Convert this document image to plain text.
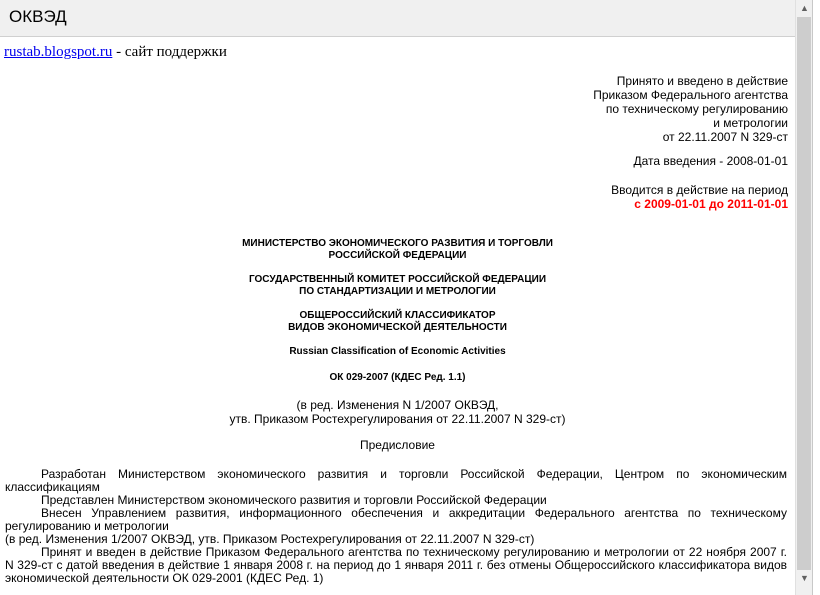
ОКВЭД
rustab.blogspot.ru - сайт поддержки
Принято и введено в действие
Приказом Федерального агентства
по техническому регулированию
и метрологии
от 22.11.2007 N 329-ст
Дата введения - 2008-01-01
Вводится в действие на период
с 2009-01-01 до 2011-01-01
МИНИСТЕРСТВО ЭКОНОМИЧЕСКОГО РАЗВИТИЯ И ТОРГОВЛИ
РОССИЙСКОЙ ФЕДЕРАЦИИ
ГОСУДАРСТВЕННЫЙ КОМИТЕТ РОССИЙСКОЙ ФЕДЕРАЦИИ
ПО СТАНДАРТИЗАЦИИ И МЕТРОЛОГИИ
ОБЩЕРОССИЙСКИЙ КЛАССИФИКАТОР
ВИДОВ ЭКОНОМИЧЕСКОЙ ДЕЯТЕЛЬНОСТИ
Russian Classification of Economic Activities
ОК 029-2007 (КДЕС Ред. 1.1)
(в ред. Изменения N 1/2007 ОКВЭД,
утв. Приказом Ростехрегулирования от 22.11.2007 N 329-ст)
Предисловие
Разработан Министерством экономического развития и торговли Российской Федерации, Центром по экономическим классификациям
Представлен Министерством экономического развития и торговли Российской Федерации
Внесен Управлением развития, информационного обеспечения и аккредитации Федерального агентства по техническому регулированию и метрологии
(в ред. Изменения 1/2007 ОКВЭД, утв. Приказом Ростехрегулирования от 22.11.2007 N 329-ст)
Принят и введен в действие Приказом Федерального агентства по техническому регулированию и метрологии от 22 ноября 2007 г. N 329-ст с датой введения в действие 1 января 2008 г. на период до 1 января 2011 г. без отмены Общероссийского классификатора видов экономической деятельности ОК 029-2001 (КДЕС Ред. 1)
▲
▼
